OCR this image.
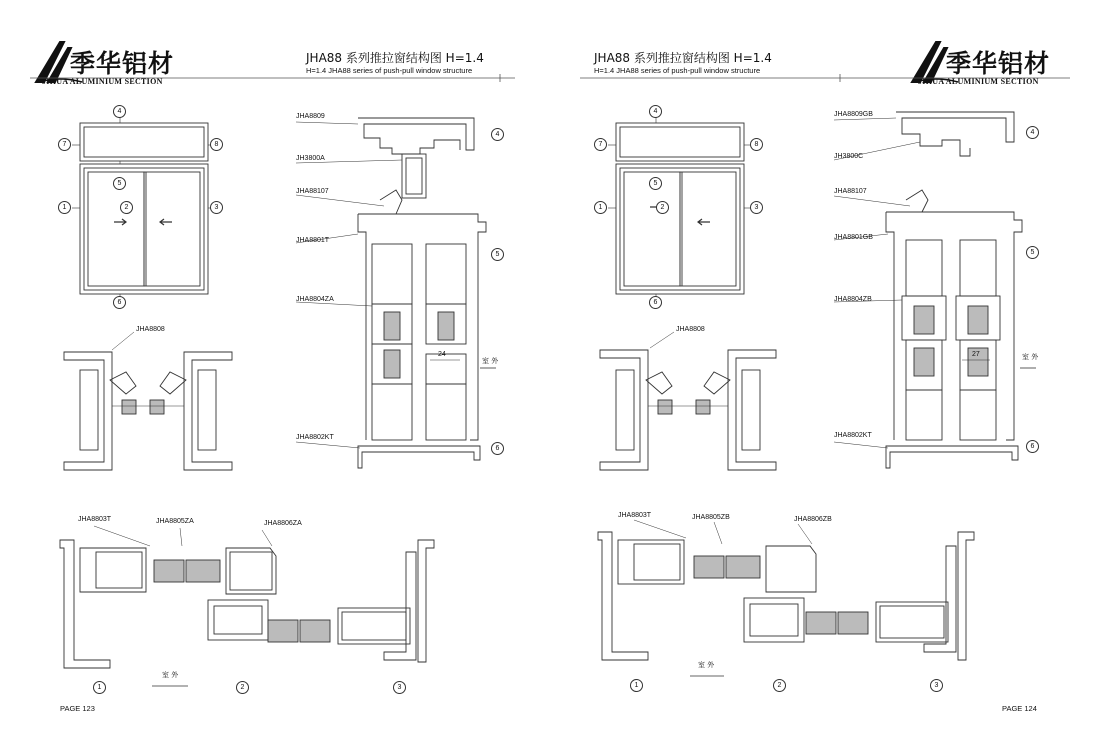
季华铝材
JIHUA ALUMINIUM SECTION
JHA88 系列推拉窗结构图 H=1.4
H=1.4 JHA88 series of push-pull window structure
1	2	3
4
5
6
7	8
JHA8809
JH3800A
JHA88107
JHA8801T
JHA8804ZA
JHA8802KT
4
5
6
室 外
24
JHA8808
JHA8803T	JHA8805ZA	JHA8806ZA
1	2	3
室 外
PAGE 123
季华铝材
JIHUA ALUMINIUM SECTION
JHA88 系列推拉窗结构图 H=1.4
H=1.4 JHA88 series of push-pull window structure
1	2	3
4
5
6
7	8
JHA8809GB
JH3800C
JHA88107
JHA8801GB
JHA8804ZB
JHA8802KT
4
5
6
室 外
27
JHA8808
JHA8803T	JHA8805ZB	JHA8806ZB
1	2	3
室 外
PAGE 124
